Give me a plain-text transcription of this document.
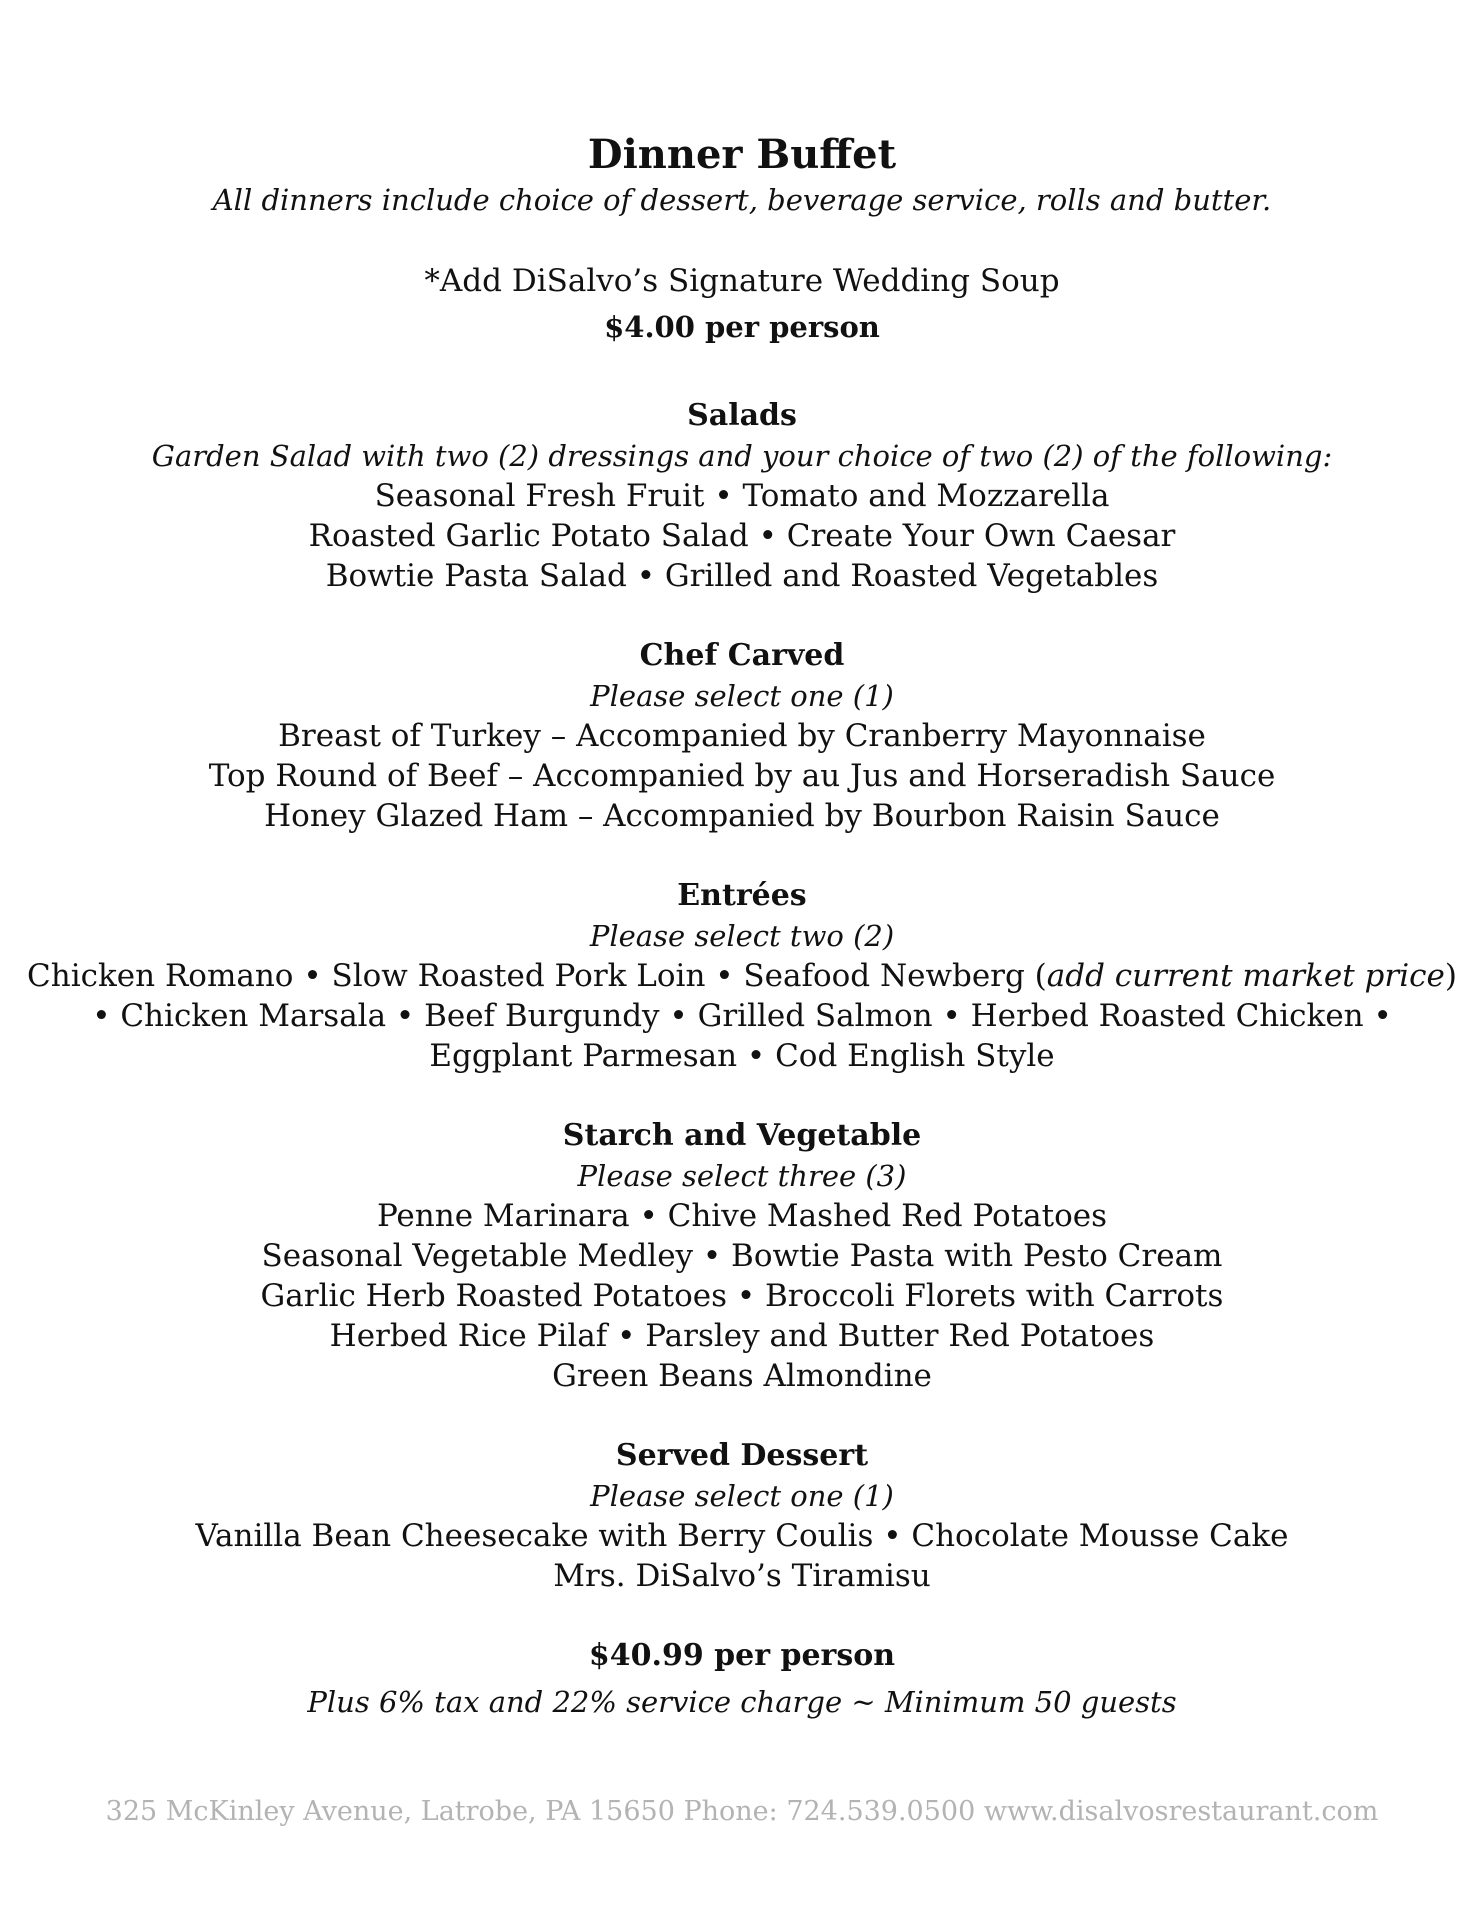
Dinner Buffet
All dinners include choice of dessert, beverage service, rolls and butter.
*Add DiSalvo’s Signature Wedding Soup
$4.00 per person
Salads
Garden Salad with two (2) dressings and your choice of two (2) of the following:
Seasonal Fresh Fruit • Tomato and Mozzarella
Roasted Garlic Potato Salad • Create Your Own Caesar
Bowtie Pasta Salad • Grilled and Roasted Vegetables
Chef Carved
Please select one (1)
Breast of Turkey – Accompanied by Cranberry Mayonnaise
Top Round of Beef – Accompanied by au Jus and Horseradish Sauce
Honey Glazed Ham – Accompanied by Bourbon Raisin Sauce
Entrées
Please select two (2)
Chicken Romano • Slow Roasted Pork Loin • Seafood Newberg (add current market price)
• Chicken Marsala • Beef Burgundy • Grilled Salmon • Herbed Roasted Chicken •
Eggplant Parmesan • Cod English Style
Starch and Vegetable
Please select three (3)
Penne Marinara • Chive Mashed Red Potatoes
Seasonal Vegetable Medley • Bowtie Pasta with Pesto Cream
Garlic Herb Roasted Potatoes • Broccoli Florets with Carrots
Herbed Rice Pilaf • Parsley and Butter Red Potatoes
Green Beans Almondine
Served Dessert
Please select one (1)
Vanilla Bean Cheesecake with Berry Coulis • Chocolate Mousse Cake
Mrs. DiSalvo’s Tiramisu
$40.99 per person
Plus 6% tax and 22% service charge ~ Minimum 50 guests
325 McKinley Avenue, Latrobe, PA 15650 Phone: 724.539.0500 www.disalvosrestaurant.com
